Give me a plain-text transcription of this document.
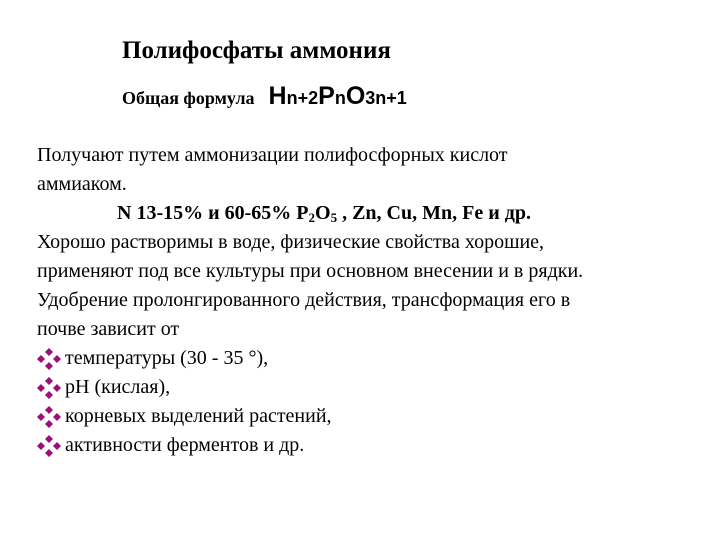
Полифосфаты аммония
Общая формула Hn+2PnO3n+1
Получают путем аммонизации полифосфорных кислот
аммиаком.
N 13-15% и 60-65% $P_2O_5$ , Zn, Cu, Mn, Fe и др.
Хорошо растворимы в воде, физические свойства хорошие,
применяют под все культуры при основном внесении и в рядки.
Удобрение пролонгированного действия, трансформация его в
почве зависит от
температуры (30 - 35 °),
pH (кислая),
корневых выделений растений,
активности ферментов и др.
